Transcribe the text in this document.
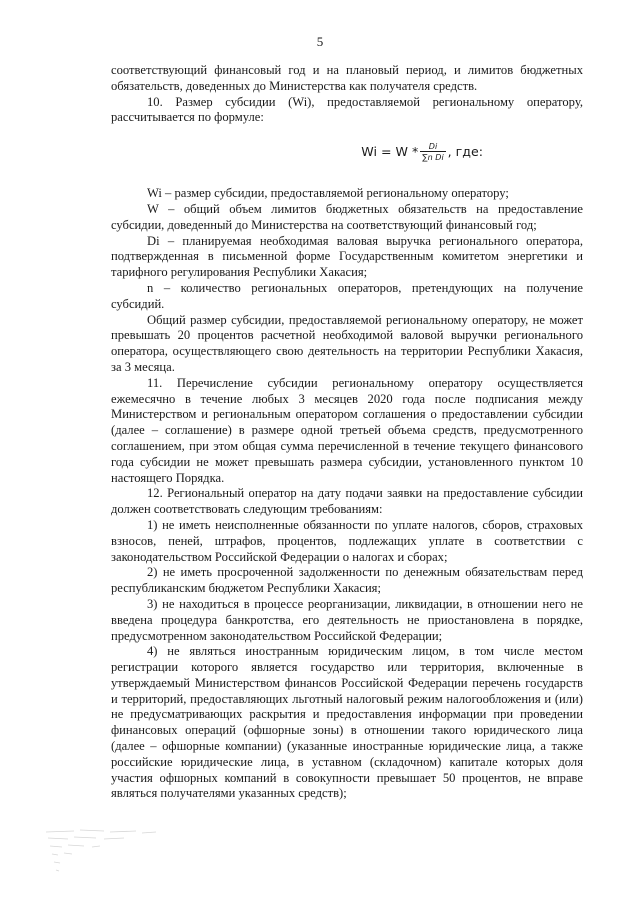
5

соответствующий финансовый год и на плановый период, и лимитов бюджетных обязательств, доведенных до Министерства как получателя средств.

10. Размер субсидии (Wi), предоставляемой региональному оператору, рассчитывается по формуле:

$Wi = W * \frac{Di}{\text{∑n Di}}$ , где:

Wi – размер субсидии, предоставляемой региональному оператору;

W – общий объем лимитов бюджетных обязательств на предоставление субсидии, доведенный до Министерства на соответствующий финансовый год;

Di – планируемая необходимая валовая выручка регионального оператора, подтвержденная в письменной форме Государственным комитетом энергетики и тарифного регулирования Республики Хакасия;

n – количество региональных операторов, претендующих на получение субсидий.

Общий размер субсидии, предоставляемой региональному оператору, не может превышать 20 процентов расчетной необходимой валовой выручки регионального оператора, осуществляющего свою деятельность на территории Республики Хакасия, за 3 месяца.

11. Перечисление субсидии региональному оператору осуществляется ежемесячно в течение любых 3 месяцев 2020 года после подписания между Министерством и региональным оператором соглашения о предоставлении субсидии (далее – соглашение) в размере одной третьей объема средств, предусмотренного соглашением, при этом общая сумма перечисленной в течение текущего финансового года субсидии не может превышать размера субсидии, установленного пунктом 10 настоящего Порядка.

12. Региональный оператор на дату подачи заявки на предоставление субсидии должен соответствовать следующим требованиям:

1) не иметь неисполненные обязанности по уплате налогов, сборов, страховых взносов, пеней, штрафов, процентов, подлежащих уплате в соответствии с законодательством Российской Федерации о налогах и сборах;

2) не иметь просроченной задолженности по денежным обязательствам перед республиканским бюджетом Республики Хакасия;

3) не находиться в процессе реорганизации, ликвидации, в отношении него не введена процедура банкротства, его деятельность не приостановлена в порядке, предусмотренном законодательством Российской Федерации;

4) не являться иностранным юридическим лицом, в том числе местом регистрации которого является государство или территория, включенные в утверждаемый Министерством финансов Российской Федерации перечень государств и территорий, предоставляющих льготный налоговый режим налогообложения и (или) не предусматривающих раскрытия и предоставления информации при проведении финансовых операций (офшорные зоны) в отношении такого юридического лица (далее – офшорные компании) (указанные иностранные юридические лица, а также российские юридические лица, в уставном (складочном) капитале которых доля участия офшорных компаний в совокупности превышает 50 процентов, не вправе являться получателями указанных средств);
